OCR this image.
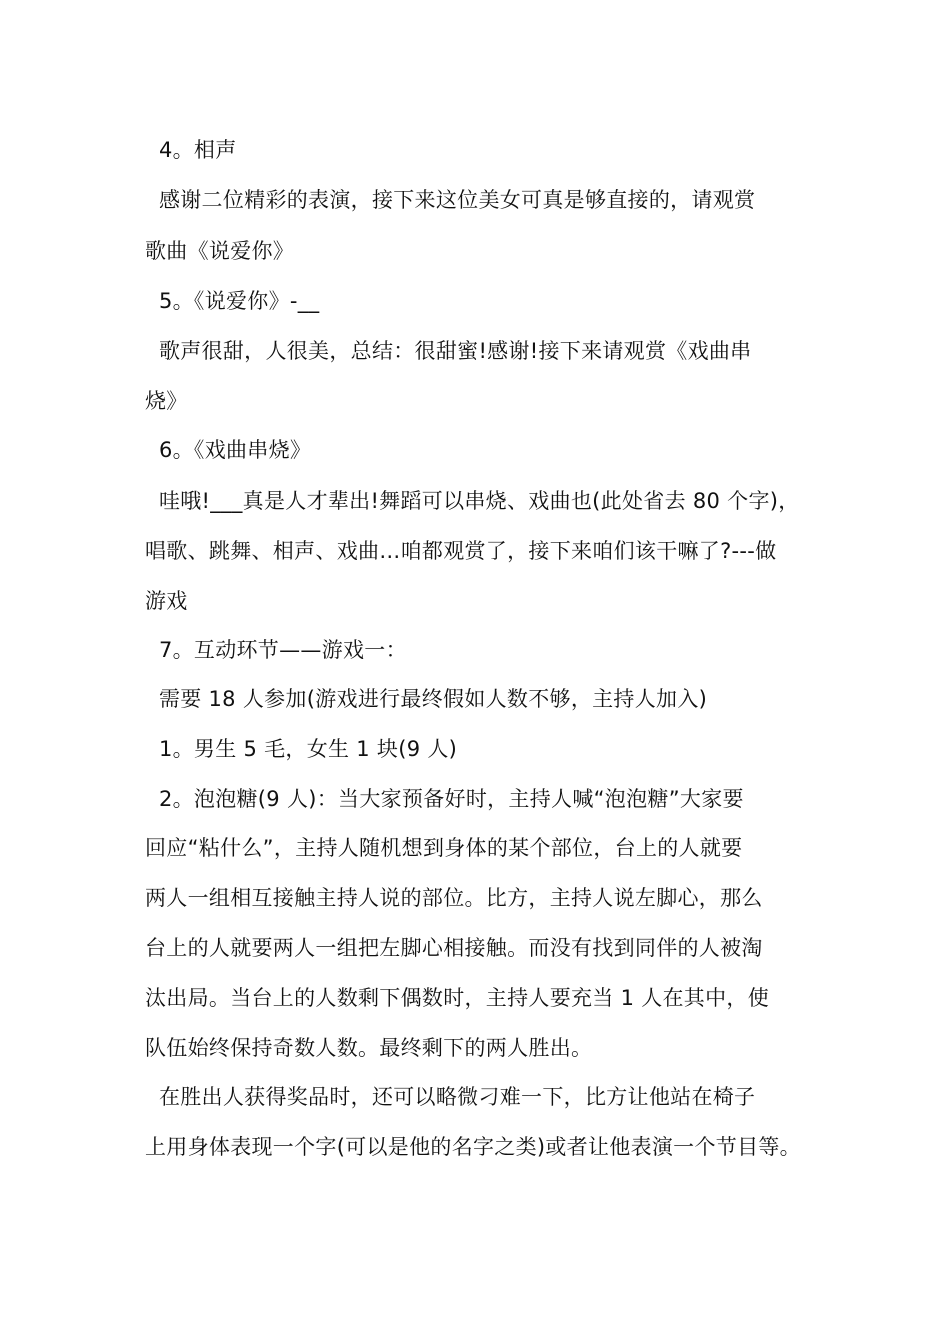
4。相声
感谢二位精彩的表演，接下来这位美女可真是够直接的，请观赏
歌曲《说爱你》
5。《说爱你》-__
歌声很甜，人很美，总结：很甜蜜!感谢!接下来请观赏《戏曲串
烧》
6。《戏曲串烧》
哇哦!___真是人才辈出!舞蹈可以串烧、戏曲也(此处省去 80 个字)，
唱歌、跳舞、相声、戏曲…咱都观赏了，接下来咱们该干嘛了?---做
游戏
7。互动环节——游戏一：
需要 18 人参加(游戏进行最终假如人数不够，主持人加入)
1。男生 5 毛，女生 1 块(9 人)
2。泡泡糖(9 人)：当大家预备好时，主持人喊“泡泡糖”大家要
回应“粘什么”，主持人随机想到身体的某个部位，台上的人就要
两人一组相互接触主持人说的部位。比方，主持人说左脚心，那么
台上的人就要两人一组把左脚心相接触。而没有找到同伴的人被淘
汰出局。当台上的人数剩下偶数时，主持人要充当 1 人在其中，使
队伍始终保持奇数人数。最终剩下的两人胜出。
在胜出人获得奖品时，还可以略微刁难一下，比方让他站在椅子
上用身体表现一个字(可以是他的名字之类)或者让他表演一个节目等。
